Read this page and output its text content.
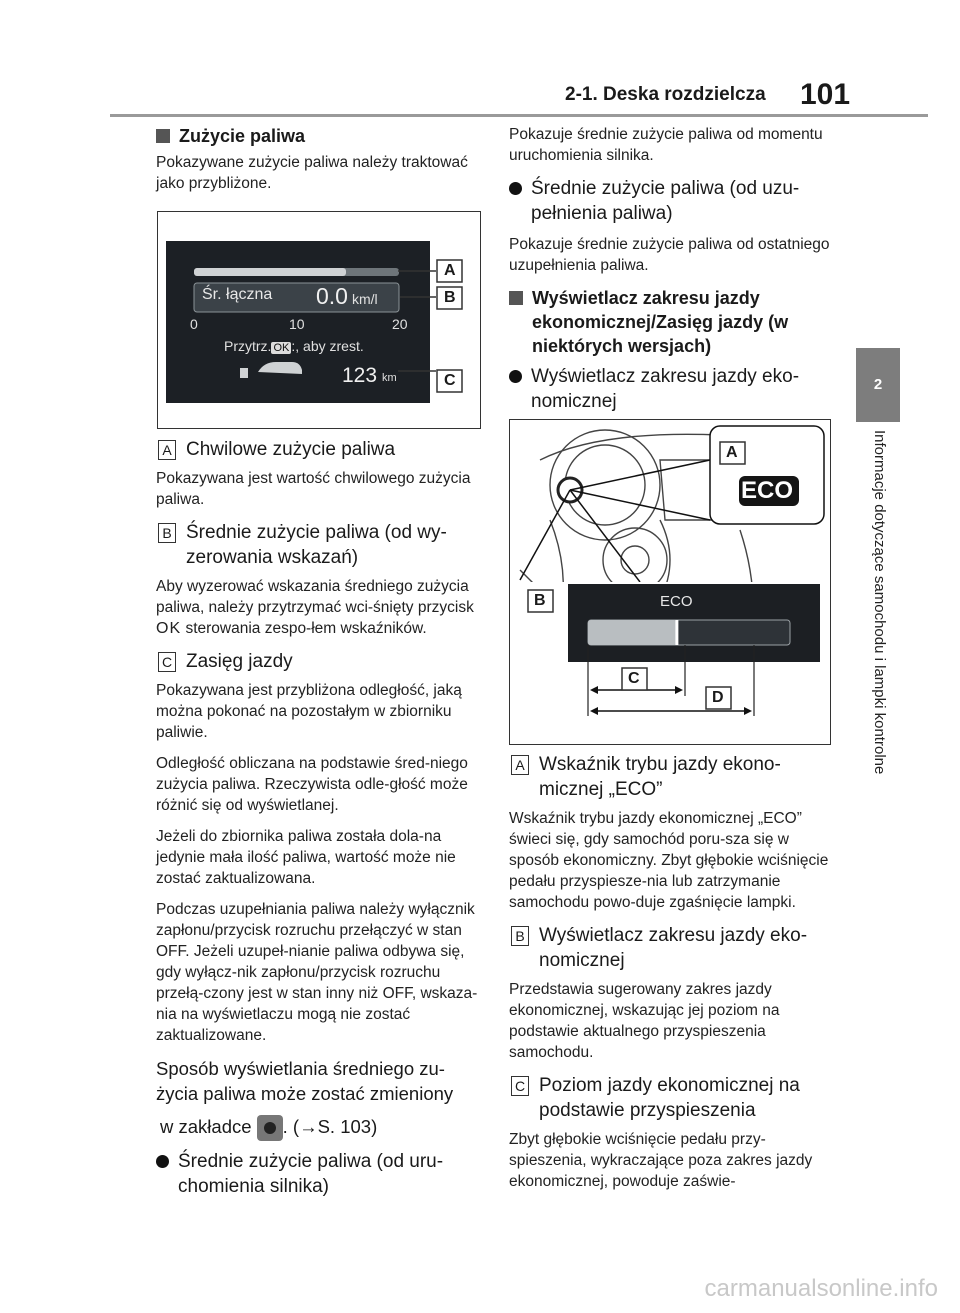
2-1. Deska rozdzielcza 101
2
Informacje dotyczące samochodu i lampki kontrolne
Zużycie paliwa
Pokazywane zużycie paliwa należy traktować jako przybliżone.
Śr. łączna 0.0 km/l
0	10	20
Przytrz. OK :, aby zrest.
123 km
A
B
C
A Chwilowe zużycie paliwa
Pokazywana jest wartość chwilowego zużycia paliwa.
B Średnie zużycie paliwa (od wy-zerowania wskazań)
Aby wyzerować wskazania średniego zużycia paliwa, należy przytrzymać wci-śnięty przycisk OK sterowania zespo-łem wskaźników.
C Zasięg jazdy
Pokazywana jest przybliżona odległość, jaką można pokonać na pozostałym w zbiorniku paliwie.
Odległość obliczana na podstawie śred-niego zużycia paliwa. Rzeczywista odle-głość może różnić się od wyświetlanej.
Jeżeli do zbiornika paliwa została dola-na jedynie mała ilość paliwa, wartość może nie zostać zaktualizowana.
Podczas uzupełniania paliwa należy wyłącznik zapłonu/przycisk rozruchu przełączyć w stan OFF. Jeżeli uzupeł-nianie paliwa odbywa się, gdy wyłącz-nik zapłonu/przycisk rozruchu przełą-czony jest w stan inny niż OFF, wskaza-nia na wyświetlaczu mogą nie zostać zaktualizowane.
Sposób wyświetlania średniego zu-życia paliwa może zostać zmieniony
w zakładce . (→S. 103)
Średnie zużycie paliwa (od uru-chomienia silnika)
Pokazuje średnie zużycie paliwa od momentu uruchomienia silnika.
Średnie zużycie paliwa (od uzu-pełnienia paliwa)
Pokazuje średnie zużycie paliwa od ostatniego uzupełnienia paliwa.
Wyświetlacz zakresu jazdy ekonomicznej/Zasięg jazdy (w niektórych wersjach)
Wyświetlacz zakresu jazdy eko-nomicznej
ECO
ECO
A
B
C
D
A Wskaźnik trybu jazdy ekono-micznej „ECO”
Wskaźnik trybu jazdy ekonomicznej „ECO” świeci się, gdy samochód poru-sza się w sposób ekonomiczny. Zbyt głębokie wciśnięcie pedału przyspiesze-nia lub zatrzymanie samochodu powo-duje zgaśnięcie lampki.
B Wyświetlacz zakresu jazdy eko-nomicznej
Przedstawia sugerowany zakres jazdy ekonomicznej, wskazując jej poziom na podstawie aktualnego przyspieszenia samochodu.
C Poziom jazdy ekonomicznej na podstawie przyspieszenia
Zbyt głębokie wciśnięcie pedału przy-spieszenia, wykraczające poza zakres jazdy ekonomicznej, powoduje zaświe-
carmanualsonline.info
